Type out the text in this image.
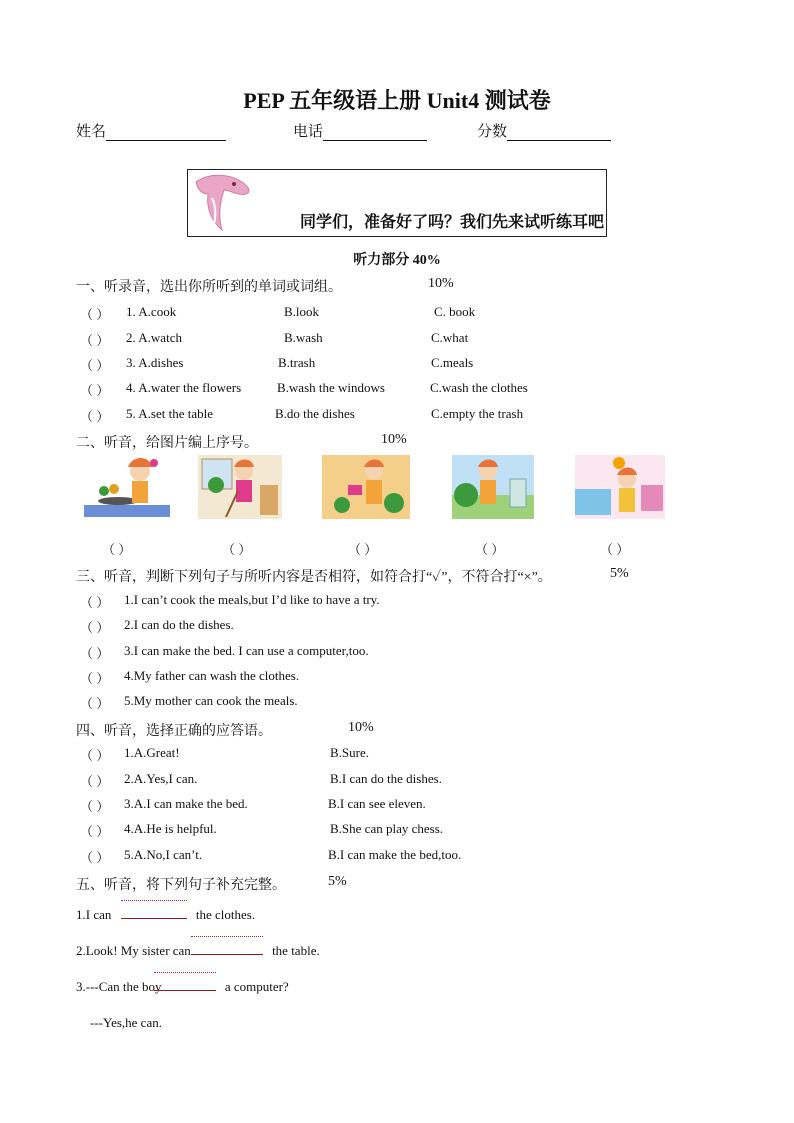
PEP 五年级语上册 Unit4 测试卷
姓名	电话	分数
同学们，准备好了吗？我们先来试听练耳吧
听力部分 40%
一、听录音，选出你所听到的单词或词组。	10%
（ ） 1. A.cook	B.look	C. book
（ ） 2. A.watch	B.wash	C.what
（ ） 3. A.dishes	B.trash	C.meals
（ ） 4. A.water the flowers	B.wash the windows	C.wash the clothes
（ ） 5. A.set the table	B.do the dishes	C.empty the trash
二、听音，给图片编上序号。	10%
（ ）	（ ）	（ ）	（ ）	（ ）
三、听音，判断下列句子与所听内容是否相符，如符合打“✓”，不符合打“×”。	5%
（ ） 1.I can’t cook the meals,but I’d like to have a try.
（ ） 2.I can do the dishes.
（ ） 3.I can make the bed. I can use a computer,too.
（ ） 4.My father can wash the clothes.
（ ） 5.My mother can cook the meals.
四、听音，选择正确的应答语。	10%
（ ） 1.A.Great!	B.Sure.
（ ） 2.A.Yes,I can.	B.I can do the dishes.
（ ） 3.A.I can make the bed.	B.I can see eleven.
（ ） 4.A.He is helpful.	B.She can play chess.
（ ） 5.A.No,I can’t.	B.I can make the bed,too.
五、听音，将下列句子补充完整。	5%
1.I can	the clothes.
2.Look! My sister can	the table.
3.---Can the boy	a computer?
---Yes,he can.
